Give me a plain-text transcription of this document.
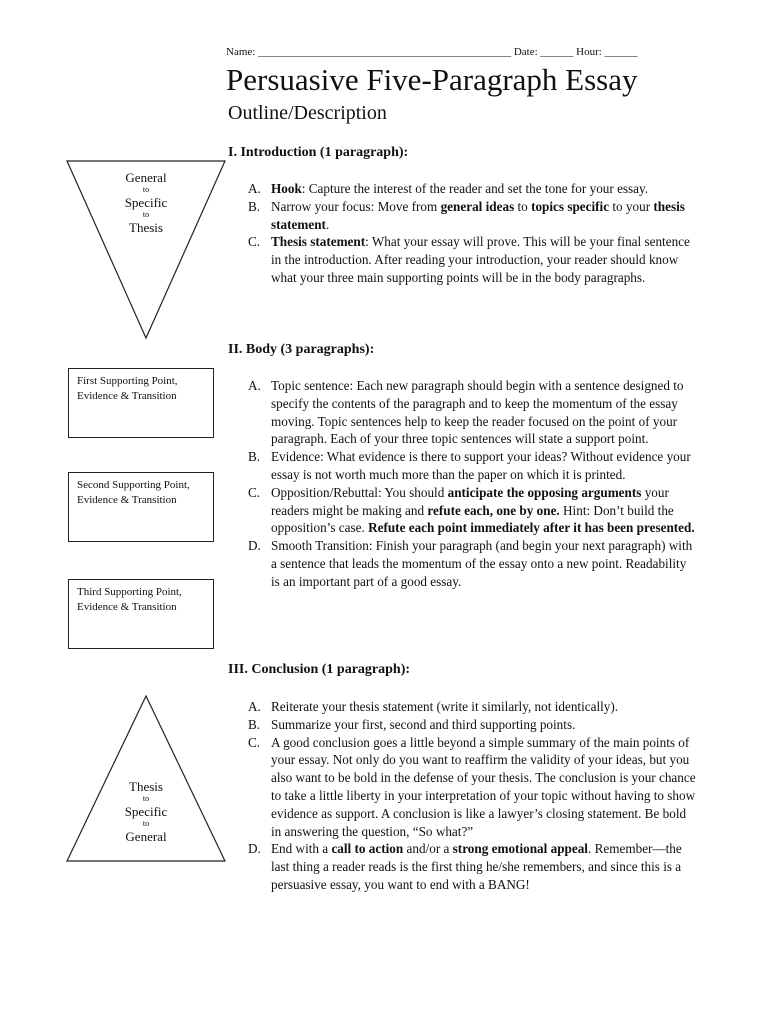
Name: ______________________________________________ Date: ______ Hour: ______
Persuasive Five-Paragraph Essay
Outline/Description
I. Introduction (1 paragraph):
General
to
Specific
to
Thesis
A. Hook: Capture the interest of the reader and set the tone for your essay.
B. Narrow your focus: Move from general ideas to topics specific to your thesis statement.
C. Thesis statement: What your essay will prove. This will be your final sentence in the introduction. After reading your introduction, your reader should know what your three main supporting points will be in the body paragraphs.
II. Body (3 paragraphs):
First Supporting Point,
Evidence & Transition
Second Supporting Point,
Evidence & Transition
Third Supporting Point,
Evidence & Transition
A. Topic sentence: Each new paragraph should begin with a sentence designed to specify the contents of the paragraph and to keep the momentum of the essay moving. Topic sentences help to keep the reader focused on the point of your paragraph. Each of your three topic sentences will state a support point.
B. Evidence: What evidence is there to support your ideas? Without evidence your essay is not worth much more than the paper on which it is printed.
C. Opposition/Rebuttal: You should anticipate the opposing arguments your readers might be making and refute each, one by one. Hint: Don’t build the opposition’s case. Refute each point immediately after it has been presented.
D. Smooth Transition: Finish your paragraph (and begin your next paragraph) with a sentence that leads the momentum of the essay onto a new point. Readability is an important part of a good essay.
III. Conclusion (1 paragraph):
Thesis
to
Specific
to
General
A. Reiterate your thesis statement (write it similarly, not identically).
B. Summarize your first, second and third supporting points.
C. A good conclusion goes a little beyond a simple summary of the main points of your essay. Not only do you want to reaffirm the validity of your ideas, but you also want to be bold in the defense of your thesis. The conclusion is your chance to take a little liberty in your interpretation of your topic without having to show evidence as support. A conclusion is like a lawyer’s closing statement. Be bold in answering the question, “So what?”
D. End with a call to action and/or a strong emotional appeal. Remember—the last thing a reader reads is the first thing he/she remembers, and since this is a persuasive essay, you want to end with a BANG!
